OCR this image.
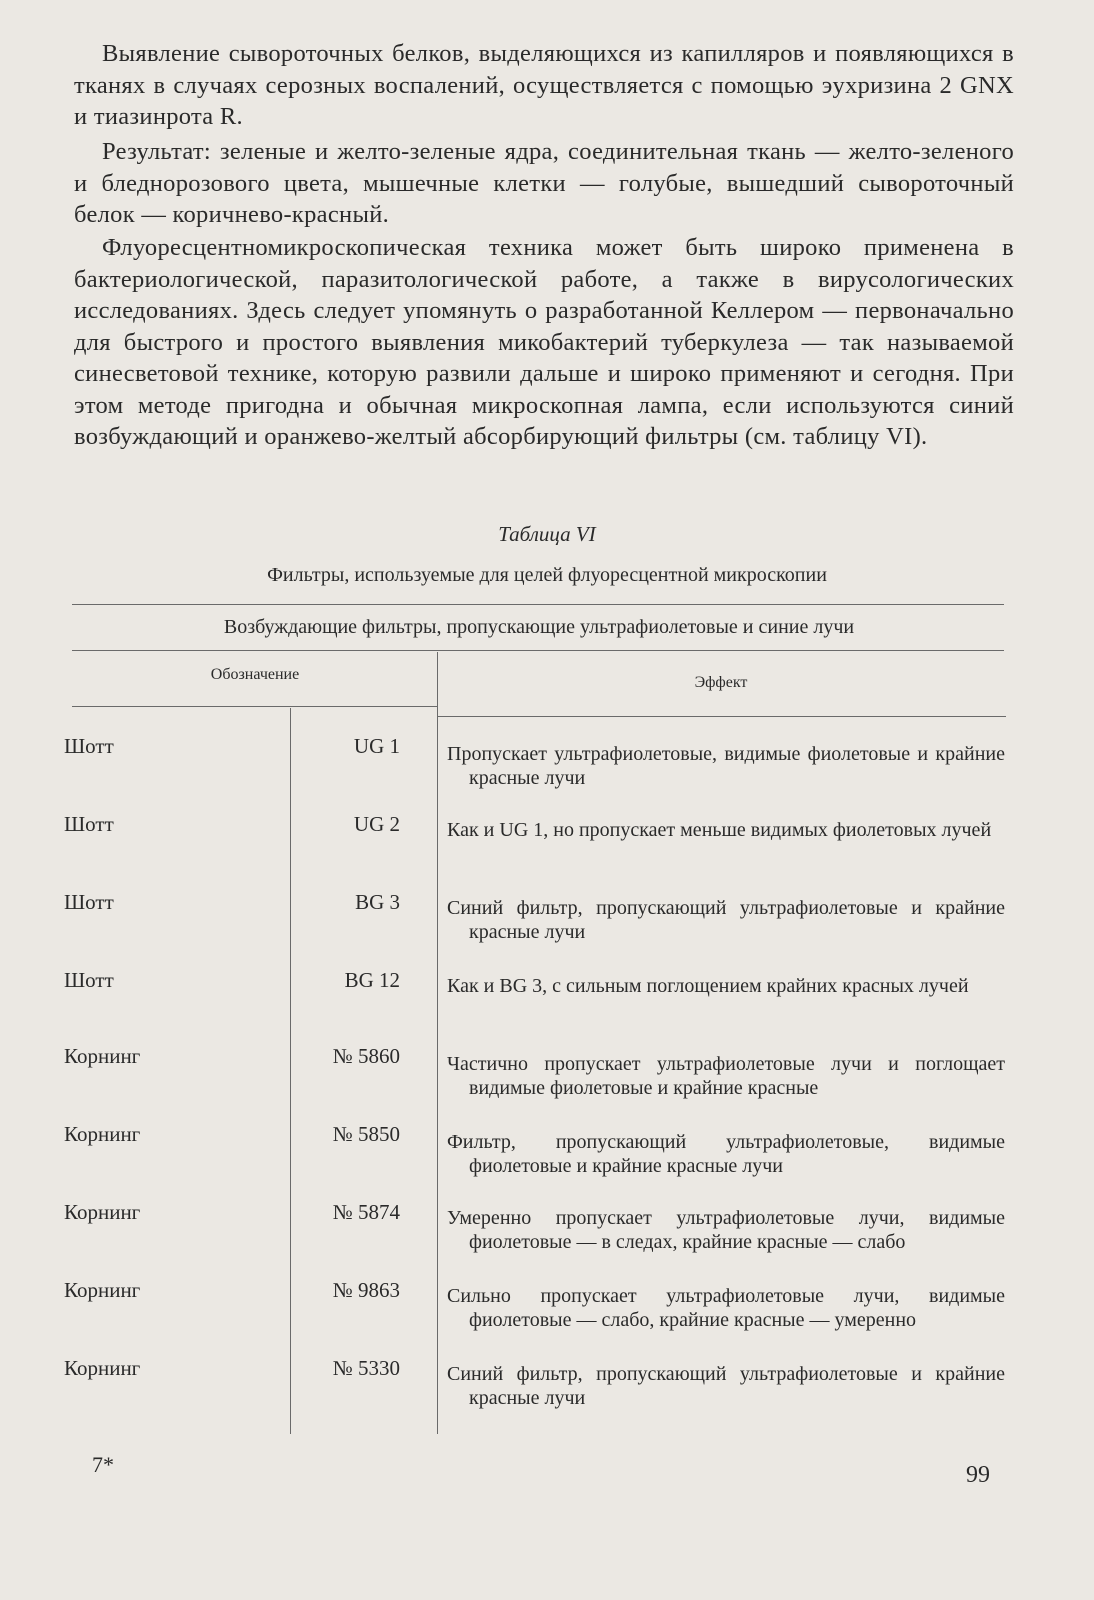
Выявление сывороточных белков, выделяющихся из капилляров и появляющихся в тканях в случаях серозных воспалений, осуществляется с помощью эухризина 2 GNX и тиазинрота R.

Результат: зеленые и желто-зеленые ядра, соединительная ткань — желто-зеленого и бледнорозового цвета, мышечные клетки — голубые, вышедший сывороточный белок — коричнево-красный.

Флуоресцентномикроскопическая техника может быть широко применена в бактериологической, паразитологической работе, а также в вирусологических исследованиях. Здесь следует упомянуть о разработанной Келлером — первоначально для быстрого и простого выявления микобактерий туберкулеза — так называемой синесветовой технике, которую развили дальше и широко применяют и сегодня. При этом методе пригодна и обычная микроскопная лампа, если используются синий возбуждающий и оранжево-желтый абсорбирующий фильтры (см. таблицу VI).

Таблица VI
Фильтры, используемые для целей флуоресцентной микроскопии
Возбуждающие фильтры, пропускающие ультрафиолетовые и синие лучи
Обозначение	Эффект
Шотт	UG 1 Пропускает ультрафиолетовые, видимые фиолетовые и крайние красные лучи
Шотт	UG 2 Как и UG 1, но пропускает меньше видимых фиолетовых лучей
Шотт	BG 3 Синий фильтр, пропускающий ультрафиолетовые и крайние красные лучи
Шотт	BG 12 Как и BG 3, с сильным поглощением крайних красных лучей
Корнинг	№ 5860 Частично пропускает ультрафиолетовые лучи и поглощает видимые фиолетовые и крайние красные
Корнинг	№ 5850 Фильтр, пропускающий ультрафиолетовые, видимые фиолетовые и крайние красные лучи
Корнинг	№ 5874 Умеренно пропускает ультрафиолетовые лучи, видимые фиолетовые — в следах, крайние красные — слабо
Корнинг	№ 9863 Сильно пропускает ультрафиолетовые лучи, видимые фиолетовые — слабо, крайние красные — умеренно
Корнинг	№ 5330 Синий фильтр, пропускающий ультрафиолетовые и крайние красные лучи
7*	99
